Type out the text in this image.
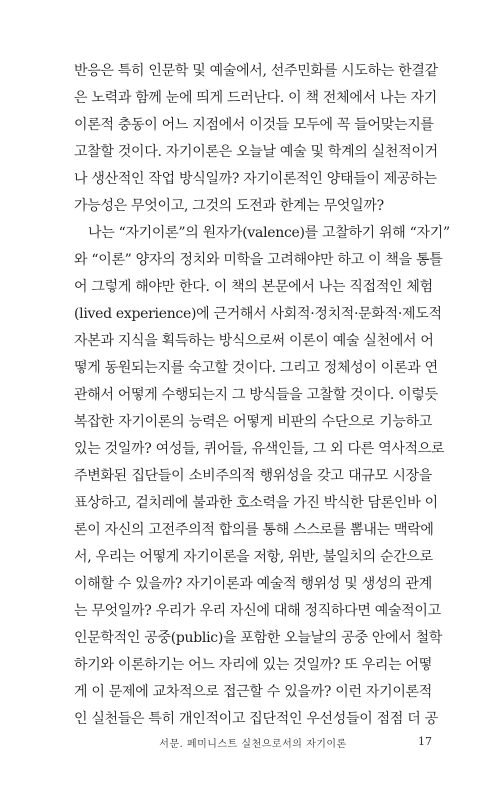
반응은 특히 인문학 및 예술에서, 선주민화를 시도하는 한결같
은 노력과 함께 눈에 띄게 드러난다. 이 책 전체에서 나는 자기
이론적 충동이 어느 지점에서 이것들 모두에 꼭 들어맞는지를
고찰할 것이다. 자기이론은 오늘날 예술 및 학계의 실천적이거
나 생산적인 작업 방식일까? 자기이론적인 양태들이 제공하는
가능성은 무엇이고, 그것의 도전과 한계는 무엇일까?
나는 “자기이론”의 원자가(valence)를 고찰하기 위해 “자기”
와 “이론” 양자의 정치와 미학을 고려해야만 하고 이 책을 통틀
어 그렇게 해야만 한다. 이 책의 본문에서 나는 직접적인 체험
(lived experience)에 근거해서 사회적·정치적·문화적·제도적
자본과 지식을 획득하는 방식으로써 이론이 예술 실천에서 어
떻게 동원되는지를 숙고할 것이다. 그리고 정체성이 이론과 연
관해서 어떻게 수행되는지 그 방식들을 고찰할 것이다. 이렇듯
복잡한 자기이론의 능력은 어떻게 비판의 수단으로 기능하고
있는 것일까? 여성들, 퀴어들, 유색인들, 그 외 다른 역사적으로
주변화된 집단들이 소비주의적 행위성을 갖고 대규모 시장을
표상하고, 겉치레에 불과한 호소력을 가진 박식한 담론인바 이
론이 자신의 고전주의적 합의를 통해 스스로를 뽐내는 맥락에
서, 우리는 어떻게 자기이론을 저항, 위반, 불일치의 순간으로
이해할 수 있을까? 자기이론과 예술적 행위성 및 생성의 관계
는 무엇일까? 우리가 우리 자신에 대해 정직하다면 예술적이고
인문학적인 공중(public)을 포함한 오늘날의 공중 안에서 철학
하기와 이론하기는 어느 자리에 있는 것일까? 또 우리는 어떻
게 이 문제에 교차적으로 접근할 수 있을까? 이런 자기이론적
인 실천들은 특히 개인적이고 집단적인 우선성들이 점점 더 공
서문. 페미니스트 실천으로서의 자기이론	17
